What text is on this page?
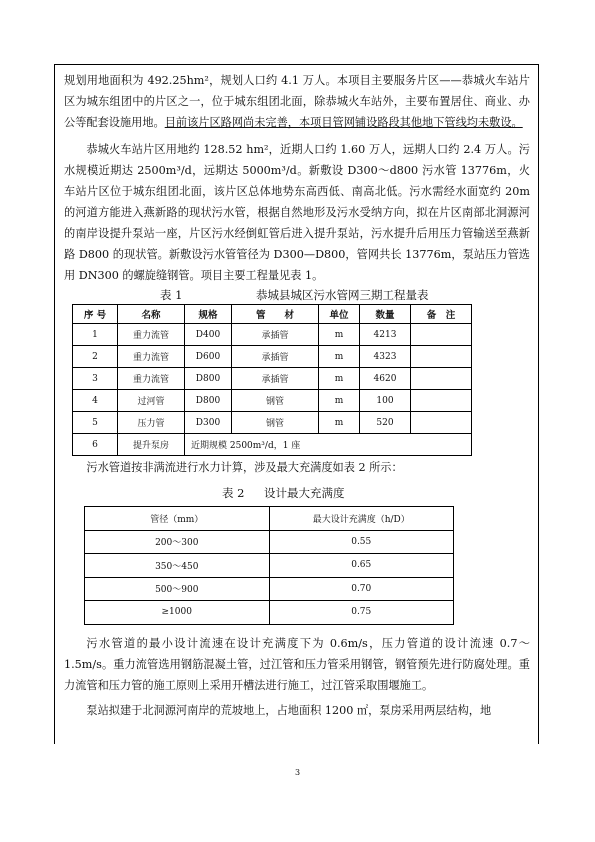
规划用地面积为 492.25hm²，规划人口约 4.1 万人。本项目主要服务片区——恭城火车站片区为城东组团中的片区之一，位于城东组团北面，除恭城火车站外，主要布置居住、商业、办公等配套设施用地。目前该片区路网尚未完善，本项目管网铺设路段其他地下管线均未敷设。

恭城火车站片区用地约 128.52 hm²，近期人口约 1.60 万人，远期人口约 2.4 万人。污水规模近期达 2500m³/d，远期达 5000m³/d。新敷设 D300～d800 污水管 13776m，火车站片区位于城东组团北面，该片区总体地势东高西低、南高北低。污水需经水面宽约 20m 的河道方能进入燕新路的现状污水管，根据自然地形及污水受纳方向，拟在片区南部北洞源河的南岸设提升泵站一座，片区污水经倒虹管后进入提升泵站，污水提升后用压力管输送至燕新路 D800 的现状管。新敷设污水管管径为 D300—D800，管网共长 13776m，泵站压力管选用 DN300 的螺旋缝钢管。项目主要工程量见表 1。

表 1	恭城县城区污水管网三期工程量表
序 号	名称	规格	管　　材	单位	数量	备　注
1	重力流管	D400	承插管	m	4213	
2	重力流管	D600	承插管	m	4323	
3	重力流管	D800	承插管	m	4620	
4	过河管	D800	钢管	m	100	
5	压力管	D300	钢管	m	520	
6	提升泵房	近期规模 2500m³/d，1 座				

污水管道按非满流进行水力计算，涉及最大充满度如表 2 所示：

表 2 设计最大充满度
管径（mm）	最大设计充满度（h/D）
200～300	0.55
350～450	0.65
500～900	0.70
≥1000	0.75

污水管道的最小设计流速在设计充满度下为 0.6m/s，压力管道的设计流速 0.7～1.5m/s。重力流管选用钢筋混凝土管，过江管和压力管采用钢管，钢管预先进行防腐处理。重力流管和压力管的施工原则上采用开槽法进行施工，过江管采取围堰施工。

泵站拟建于北洞源河南岸的荒坡地上，占地面积 1200 ㎡，泵房采用两层结构，地

3
